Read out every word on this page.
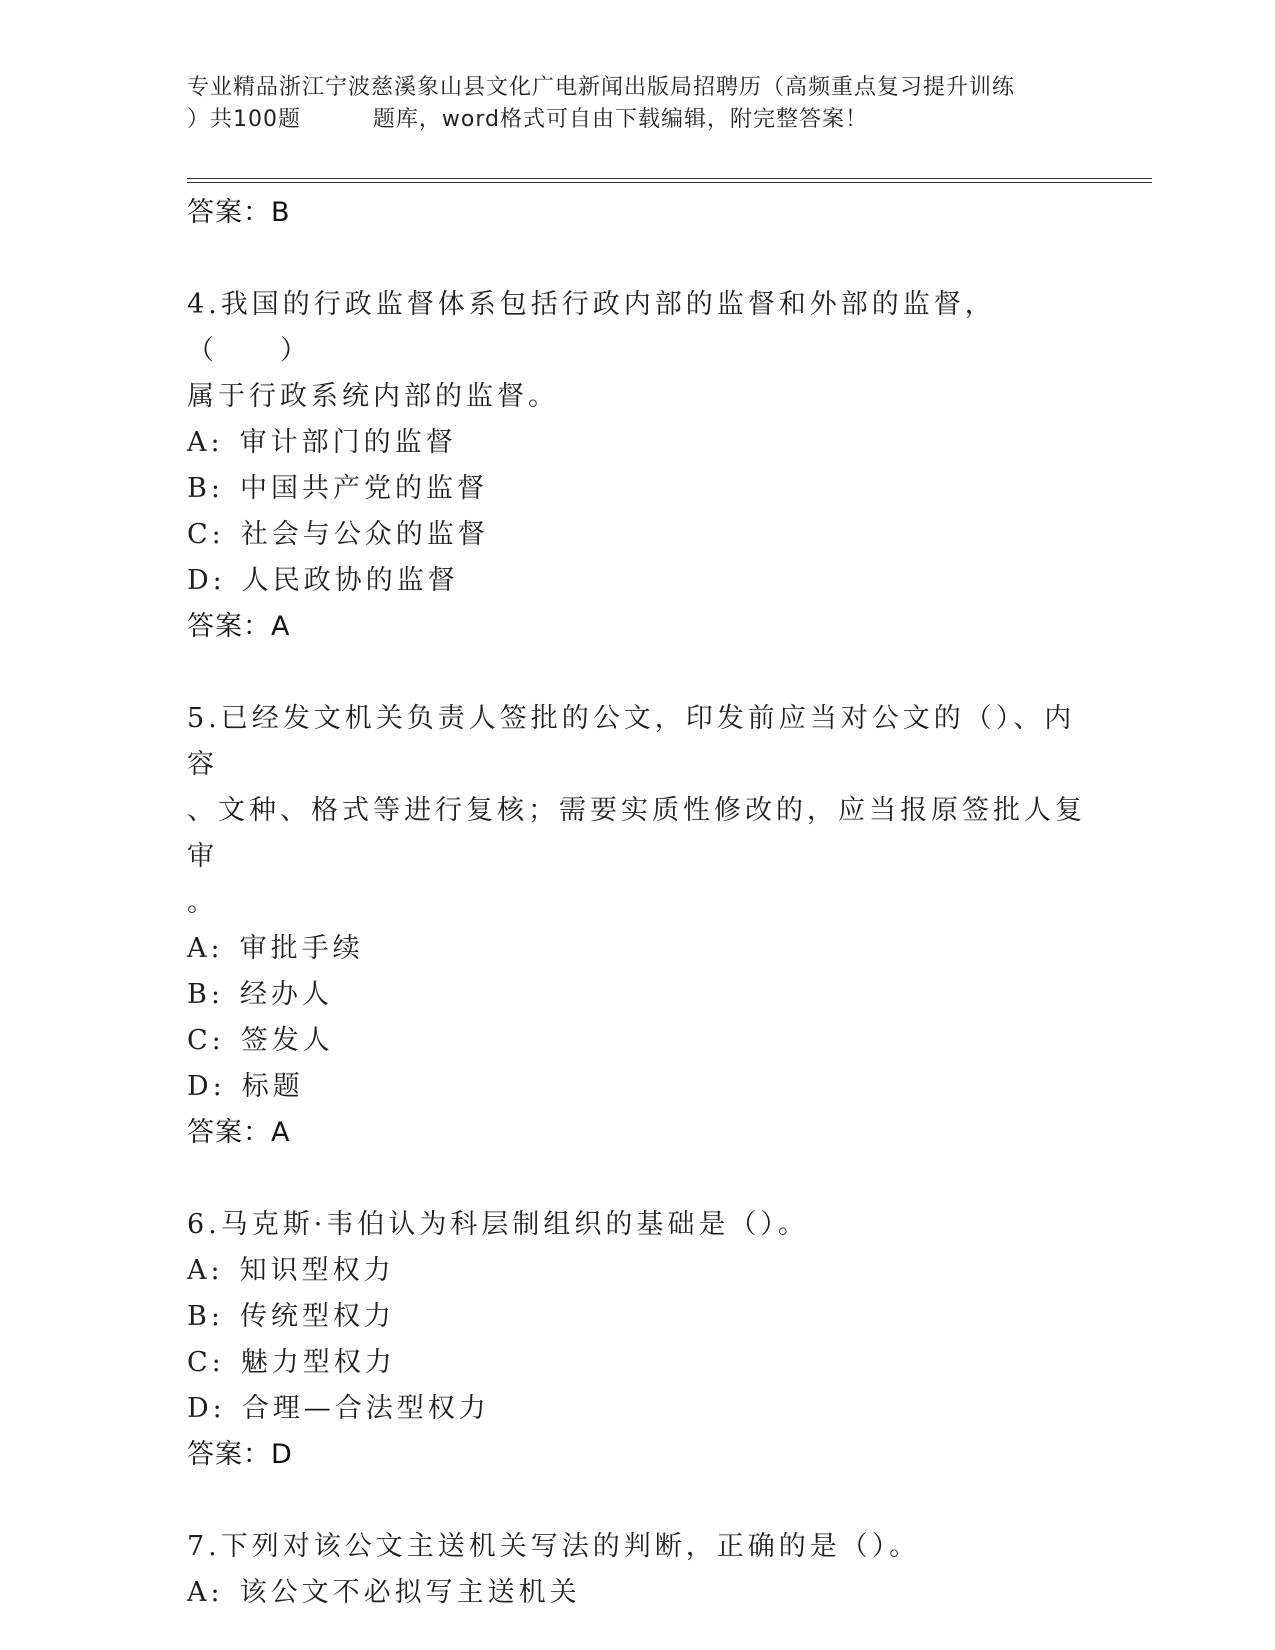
专业精品浙江宁波慈溪象山县文化广电新闻出版局招聘历（高频重点复习提升训练
）共100题         题库，word格式可自由下载编辑，附完整答案！
答案：B
4.我国的行政监督体系包括行政内部的监督和外部的监督，（　　）
属于行政系统内部的监督。
A: 审计部门的监督
B: 中国共产党的监督
C: 社会与公众的监督
D: 人民政协的监督
答案：A
5.已经发文机关负责人签批的公文，印发前应当对公文的（）、内容
、文种、格式等进行复核；需要实质性修改的，应当报原签批人复审
。
A: 审批手续
B: 经办人
C: 签发人
D: 标题
答案：A
6.马克斯·韦伯认为科层制组织的基础是（）。
A: 知识型权力
B: 传统型权力
C: 魅力型权力
D: 合理—合法型权力
答案：D
7.下列对该公文主送机关写法的判断，正确的是（）。
A: 该公文不必拟写主送机关
